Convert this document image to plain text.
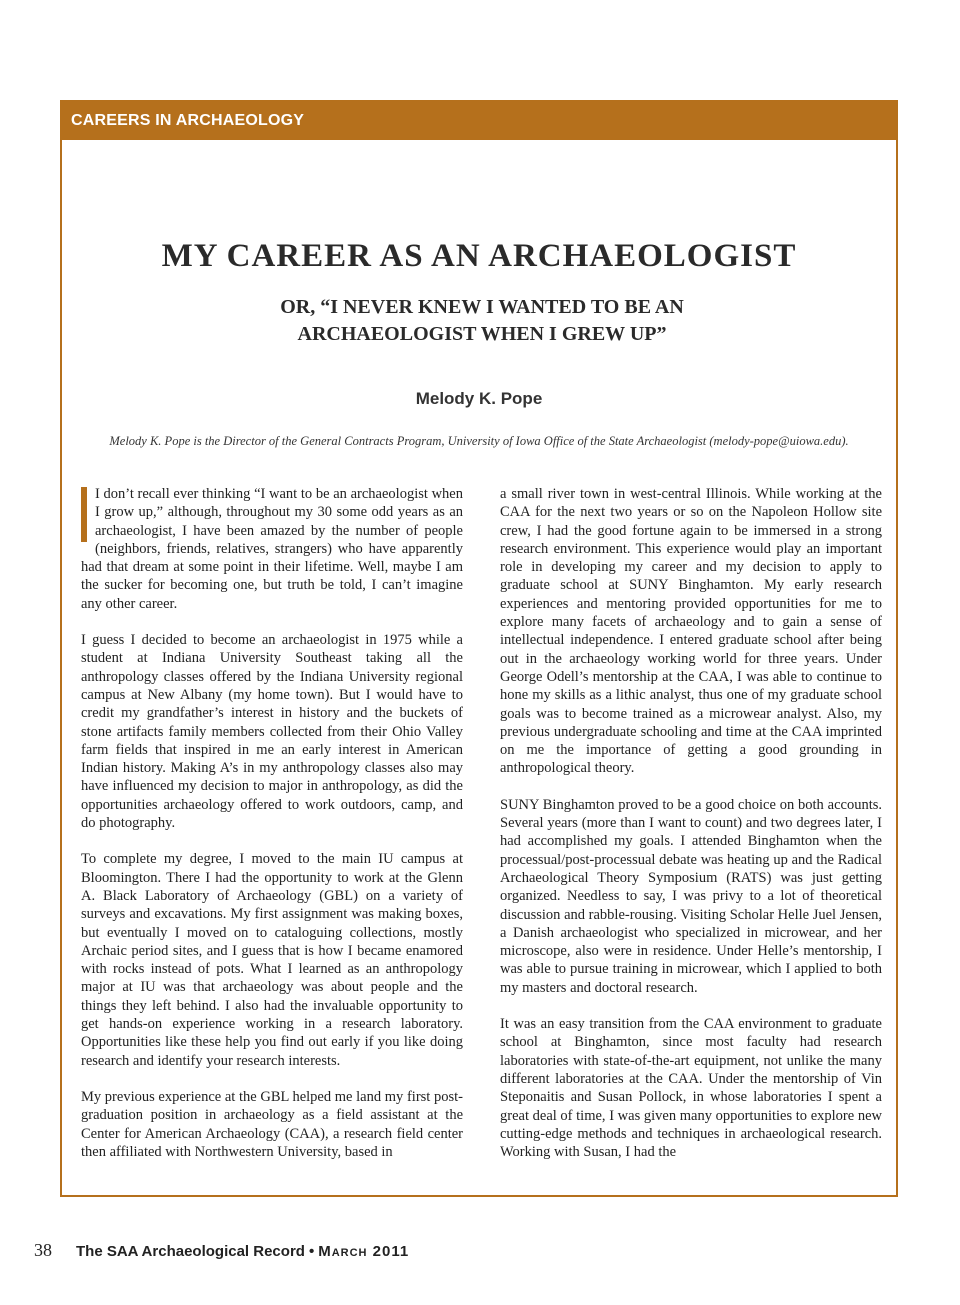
CAREERS IN ARCHAEOLOGY
MY CAREER AS AN ARCHAEOLOGIST
OR, “I NEVER KNEW I WANTED TO BE AN ARCHAEOLOGIST WHEN I GREW UP”
Melody K. Pope
Melody K. Pope is the Director of the General Contracts Program, University of Iowa Office of the State Archaeologist (melody-pope@uiowa.edu).

I don’t recall ever thinking “I want to be an archaeologist when I grow up,” although, throughout my 30 some odd years as an archaeologist, I have been amazed by the number of people (neighbors, friends, relatives, strangers) who have apparently had that dream at some point in their lifetime. Well, maybe I am the sucker for becoming one, but truth be told, I can’t imagine any other career.

I guess I decided to become an archaeologist in 1975 while a student at Indiana University Southeast taking all the anthropology classes offered by the Indiana University regional campus at New Albany (my home town). But I would have to credit my grandfather’s interest in history and the buckets of stone artifacts family members collected from their Ohio Valley farm fields that inspired in me an early interest in American Indian history. Making A’s in my anthropology classes also may have influenced my decision to major in anthropology, as did the opportunities archaeology offered to work outdoors, camp, and do photography.

To complete my degree, I moved to the main IU campus at Bloomington. There I had the opportunity to work at the Glenn A. Black Laboratory of Archaeology (GBL) on a variety of surveys and excavations. My first assignment was making boxes, but eventually I moved on to cataloguing collections, mostly Archaic period sites, and I guess that is how I became enamored with rocks instead of pots. What I learned as an anthropology major at IU was that archaeology was about people and the things they left behind. I also had the invaluable opportunity to get hands-on experience working in a research laboratory. Opportunities like these help you find out early if you like doing research and identify your research interests.

My previous experience at the GBL helped me land my first post-graduation position in archaeology as a field assistant at the Center for American Archaeology (CAA), a research field center then affiliated with Northwestern University, based in

a small river town in west-central Illinois. While working at the CAA for the next two years or so on the Napoleon Hollow site crew, I had the good fortune again to be immersed in a strong research environment. This experience would play an important role in developing my career and my decision to apply to graduate school at SUNY Binghamton. My early research experiences and mentoring provided opportunities for me to explore many facets of archaeology and to gain a sense of intellectual independence. I entered graduate school after being out in the archaeology working world for three years. Under George Odell’s mentorship at the CAA, I was able to continue to hone my skills as a lithic analyst, thus one of my graduate school goals was to become trained as a microwear analyst. Also, my previous undergraduate schooling and time at the CAA imprinted on me the importance of getting a good grounding in anthropological theory.

SUNY Binghamton proved to be a good choice on both accounts. Several years (more than I want to count) and two degrees later, I had accomplished my goals. I attended Binghamton when the processual/post-processual debate was heating up and the Radical Archaeological Theory Symposium (RATS) was just getting organized. Needless to say, I was privy to a lot of theoretical discussion and rabble-rousing. Visiting Scholar Helle Juel Jensen, a Danish archaeologist who specialized in microwear, and her microscope, also were in residence. Under Helle’s mentorship, I was able to pursue training in microwear, which I applied to both my masters and doctoral research.

It was an easy transition from the CAA environment to graduate school at Binghamton, since most faculty had research laboratories with state-of-the-art equipment, not unlike the many different laboratories at the CAA. Under the mentorship of Vin Steponaitis and Susan Pollock, in whose laboratories I spent a great deal of time, I was given many opportunities to explore new cutting-edge methods and techniques in archaeological research. Working with Susan, I had the

38 The SAA Archaeological Record • March 2011
